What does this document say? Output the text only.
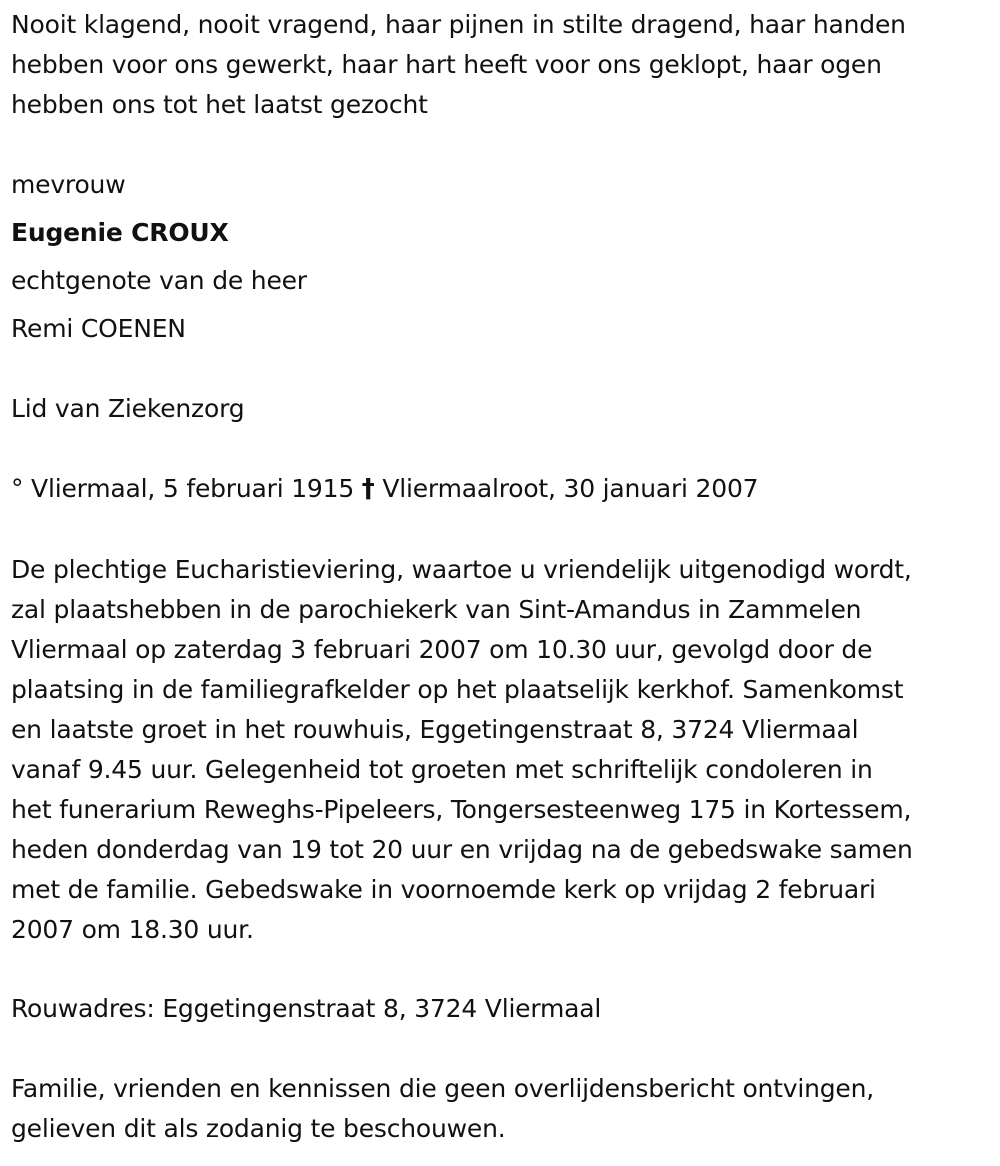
Nooit klagend, nooit vragend, haar pijnen in stilte dragend, haar handen
hebben voor ons gewerkt, haar hart heeft voor ons geklopt, haar ogen
hebben ons tot het laatst gezocht
mevrouw
Eugenie CROUX
echtgenote van de heer
Remi COENEN
Lid van Ziekenzorg
° Vliermaal, 5 februari 1915 † Vliermaalroot, 30 januari 2007
De plechtige Eucharistieviering, waartoe u vriendelijk uitgenodigd wordt,
zal plaatshebben in de parochiekerk van Sint-Amandus in Zammelen
Vliermaal op zaterdag 3 februari 2007 om 10.30 uur, gevolgd door de
plaatsing in de familiegrafkelder op het plaatselijk kerkhof. Samenkomst
en laatste groet in het rouwhuis, Eggetingenstraat 8, 3724 Vliermaal
vanaf 9.45 uur. Gelegenheid tot groeten met schriftelijk condoleren in
het funerarium Reweghs-Pipeleers, Tongersesteenweg 175 in Kortessem,
heden donderdag van 19 tot 20 uur en vrijdag na de gebedswake samen
met de familie. Gebedswake in voornoemde kerk op vrijdag 2 februari
2007 om 18.30 uur.
Rouwadres: Eggetingenstraat 8, 3724 Vliermaal
Familie, vrienden en kennissen die geen overlijdensbericht ontvingen,
gelieven dit als zodanig te beschouwen.
